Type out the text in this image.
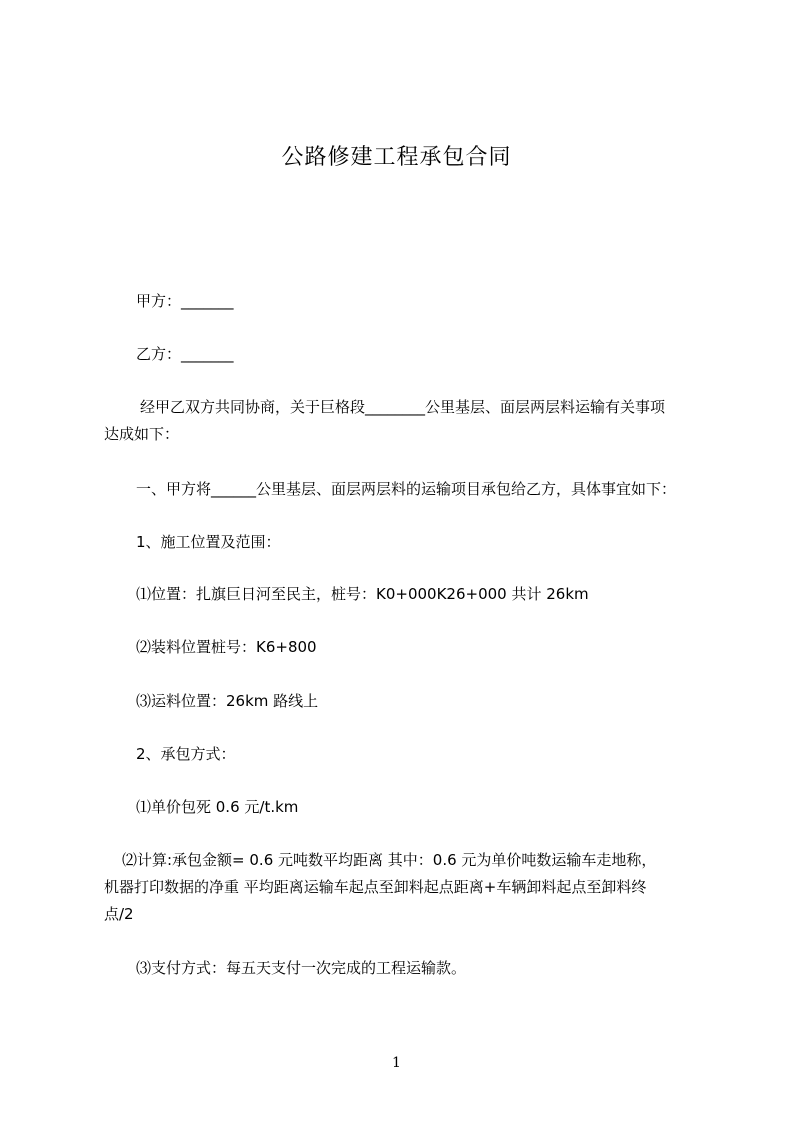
公路修建工程承包合同
甲方：_______
乙方：_______
经甲乙双方共同协商，关于巨格段________公里基层、面层两层料运输有关事项
达成如下：
一、甲方将______公里基层、面层两层料的运输项目承包给乙方，具体事宜如下：
1、施工位置及范围：
⑴位置：扎旗巨日河至民主，桩号：K0+000K26+000 共计 26km
⑵装料位置桩号：K6+800
⑶运料位置：26km 路线上
2、承包方式：
⑴单价包死 0.6 元/t.km
⑵计算:承包金额= 0.6 元吨数平均距离 其中：0.6 元为单价吨数运输车走地称，
机器打印数据的净重 平均距离运输车起点至卸料起点距离+车辆卸料起点至卸料终
点/2
⑶支付方式：每五天支付一次完成的工程运输款。
1
